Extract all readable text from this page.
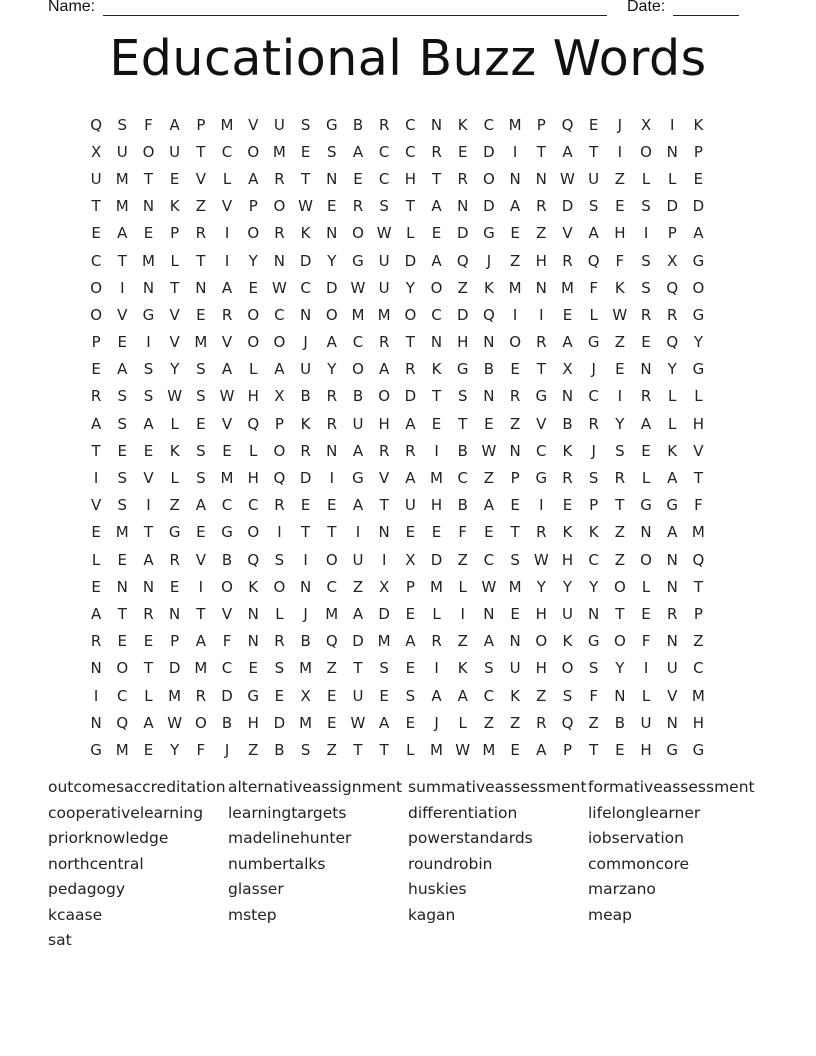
Name:	Date:
Educational Buzz Words
Q	S	F	A	P	M V	U	S	G	B	R	C	N	K	C M	P	Q	E	J	X	I	K
X	U O U	T	C	O M E	S	A	C	C	R	E	D	I	T	A	T	I	O N	P
U M	T	E	V	L	A	R	T	N	E	C	H	T	R	O N N W U	Z	L	L	E
T	M N	K	Z	V	P	O W E	R	S	T	A	N D	A	R	D	S	E	S	D D
E	A	E	P	R	I	O	R	K	N O W L	E	D G	E	Z	V	A	H	I	P	A
C	T	M	L	T	I	Y	N D	Y	G U D	A	Q	J	Z	H	R	Q	F	S	X	G
O	I	N	T	N	A	E W C	D W U	Y	O	Z	K M N M	F	K	S	Q O
O	V	G	V	E	R	O	C	N O M M O	C	D Q	I	I	E	L W R	R	G
P	E	I	V M V	O O	J	A	C	R	T	N H N O	R	A	G	Z	E	Q	Y
E	A	S	Y	S	A	L	A	U	Y	O	A	R	K	G	B	E	T	X	J	E	N	Y	G
R	S	S W S W H	X	B	R	B	O D	T	S	N	R	G N	C	I	R	L	L
A	S	A	L	E	V	Q	P	K	R	U	H	A	E	T	E	Z	V	B	R	Y	A	L	H
T	E	E	K	S	E	L	O	R	N	A	R	R	I	B W N	C	K	J	S	E	K	V
I	S	V	L	S M H Q D	I	G	V	A M C	Z	P	G	R	S	R	L	A	T
V	S	I	Z	A	C	C	R	E	E	A	T	U	H	B	A	E	I	E	P	T	G G	F
E M	T	G	E	G O	I	T	T	I	N	E	E	F	E	T	R	K	K	Z	N	A M
L	E	A	R	V	B	Q	S	I	O U	I	X	D	Z	C	S W H	C	Z	O N Q
E	N N	E	I	O	K	O N	C	Z	X	P	M	L W M	Y	Y	Y	O	L	N	T
A	T	R	N	T	V	N	L	J	M A	D	E	L	I	N	E	H	U	N	T	E	R	P
R	E	E	P	A	F	N	R	B	Q D M A	R	Z	A	N O	K	G O	F	N	Z
N O	T	D M C	E	S M Z	T	S	E	I	K	S	U	H O	S	Y	I	U	C
I	C	L	M R	D G	E	X	E	U	E	S	A	A	C	K	Z	S	F	N	L	V M
N Q	A W O	B	H D M E W A	E	J	L	Z	Z	R	Q	Z	B	U	N H
G M E	Y	F	J	Z	B	S	Z	T	T	L	M W M E	A	P	T	E	H G G
outcomesaccreditation alternativeassignment summativeassessment formativeassessment
cooperativelearning	learningtargets	differentiation	lifelonglearner
priorknowledge	madelinehunter	powerstandards	iobservation
northcentral	numbertalks	roundrobin	commoncore
pedagogy	glasser	huskies	marzano
kcaase	mstep	kagan	meap
sat
